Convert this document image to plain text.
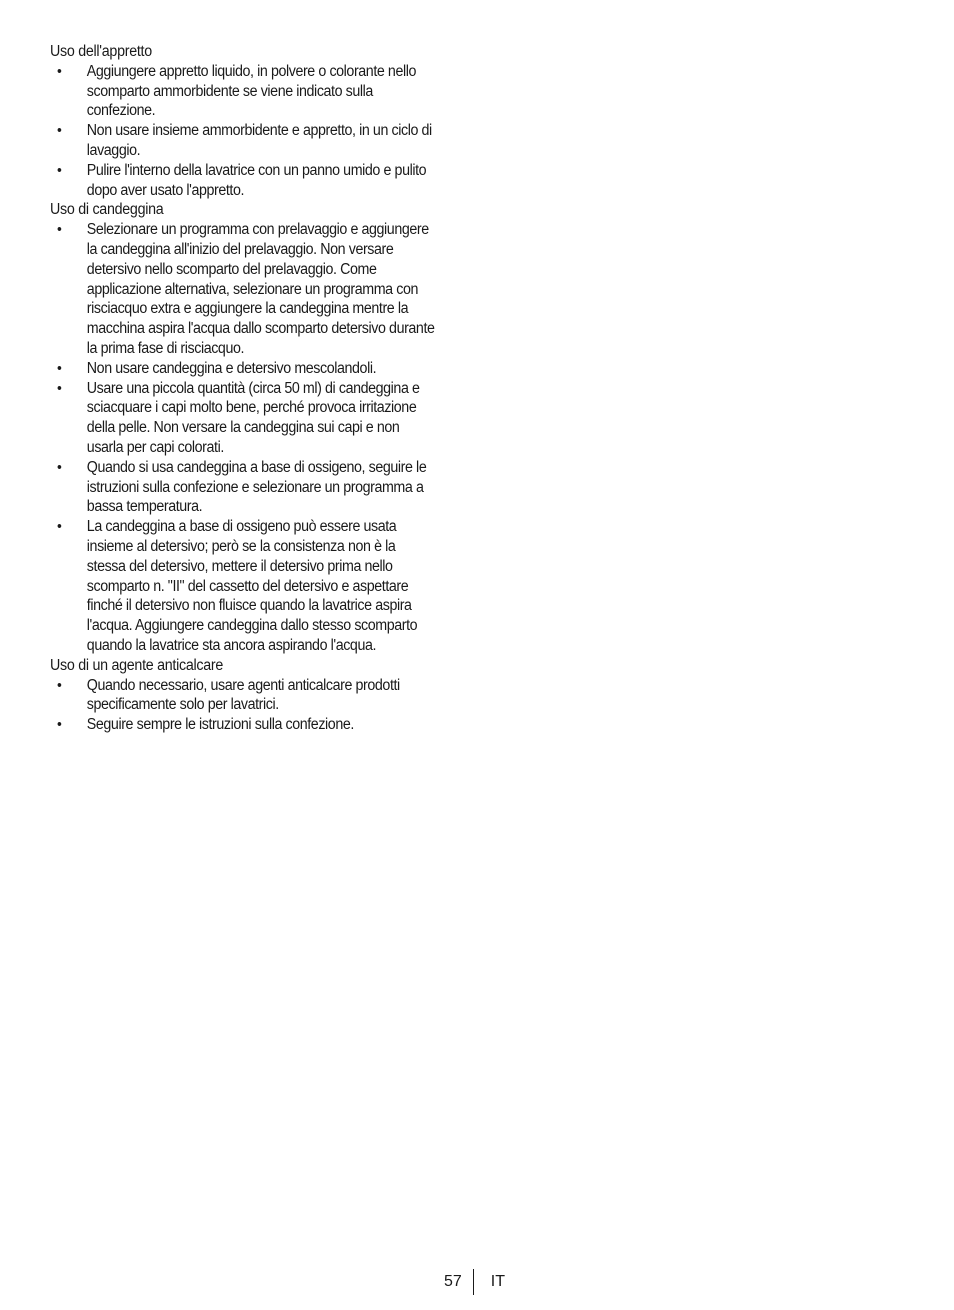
Uso dell'appretto
• Aggiungere appretto liquido, in polvere o colorante nello scomparto ammorbidente se viene indicato sulla confezione.
• Non usare insieme ammorbidente e appretto, in un ciclo di lavaggio.
• Pulire l'interno della lavatrice con un panno umido e pulito dopo aver usato l'appretto.
Uso di candeggina
• Selezionare un programma con prelavaggio e aggiungere la candeggina all'inizio del prelavaggio. Non versare detersivo nello scomparto del prelavaggio. Come applicazione alternativa, selezionare un programma con risciacquo extra e aggiungere la candeggina mentre la macchina aspira l'acqua dallo scomparto detersivo durante la prima fase di risciacquo.
• Non usare candeggina e detersivo mescolandoli.
• Usare una piccola quantità (circa 50 ml) di candeggina e sciacquare i capi molto bene, perché provoca irritazione della pelle. Non versare la candeggina sui capi e non usarla per capi colorati.
• Quando si usa candeggina a base di ossigeno, seguire le istruzioni sulla confezione e selezionare un programma a bassa temperatura.
• La candeggina a base di ossigeno può essere usata insieme al detersivo; però se la consistenza non è la stessa del detersivo, mettere il detersivo prima nello scomparto n. "II" del cassetto del detersivo e aspettare finché il detersivo non fluisce quando la lavatrice aspira l'acqua. Aggiungere candeggina dallo stesso scomparto quando la lavatrice sta ancora aspirando l'acqua.
Uso di un agente anticalcare
• Quando necessario, usare agenti anticalcare prodotti specificamente solo per lavatrici.
• Seguire sempre le istruzioni sulla confezione.
57	IT
